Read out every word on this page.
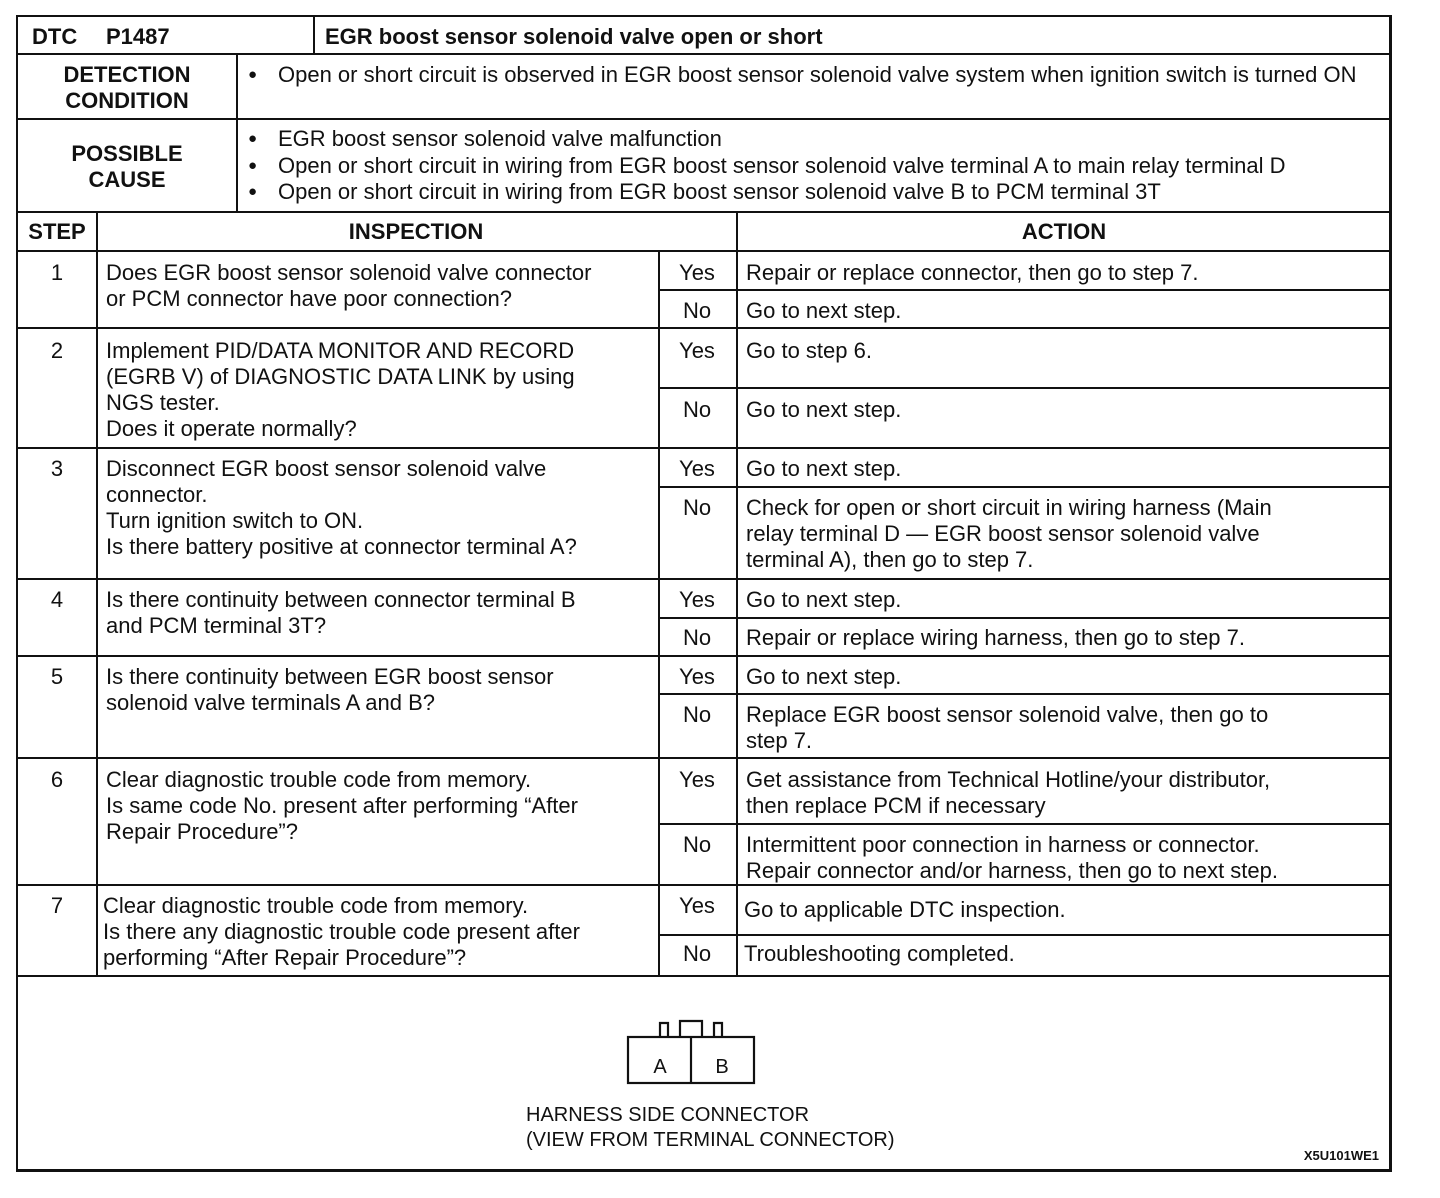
DTC P1487	EGR boost sensor solenoid valve open or short
DETECTION
CONDITION
● Open or short circuit is observed in EGR boost sensor solenoid valve system when ignition switch is turned ON
POSSIBLE
CAUSE
● EGR boost sensor solenoid valve malfunction
● Open or short circuit in wiring from EGR boost sensor solenoid valve terminal A to main relay terminal D
● Open or short circuit in wiring from EGR boost sensor solenoid valve B to PCM terminal 3T
STEP	INSPECTION	ACTION
1	Does EGR boost sensor solenoid valve connector
or PCM connector have poor connection?
Yes	Repair or replace connector, then go to step 7.
No	Go to next step.
2	Implement PID/DATA MONITOR AND RECORD
(EGRB V) of DIAGNOSTIC DATA LINK by using
NGS tester.
Does it operate normally?
Yes	Go to step 6.
No	Go to next step.
3	Disconnect EGR boost sensor solenoid valve
connector.
Turn ignition switch to ON.
Is there battery positive at connector terminal A?
Yes	Go to next step.
No	Check for open or short circuit in wiring harness (Main
relay terminal D — EGR boost sensor solenoid valve
terminal A), then go to step 7.
4	Is there continuity between connector terminal B
and PCM terminal 3T?
Yes	Go to next step.
No	Repair or replace wiring harness, then go to step 7.
5	Is there continuity between EGR boost sensor
solenoid valve terminals A and B?
Yes	Go to next step.
No	Replace EGR boost sensor solenoid valve, then go to
step 7.
6	Clear diagnostic trouble code from memory.
Is same code No. present after performing “After
Repair Procedure”?
Yes	Get assistance from Technical Hotline/your distributor,
then replace PCM if necessary
No	Intermittent poor connection in harness or connector.
Repair connector and/or harness, then go to next step.
7	Clear diagnostic trouble code from memory.
Is there any diagnostic trouble code present after
performing “After Repair Procedure”?
Yes	Go to applicable DTC inspection.
No	Troubleshooting completed.
A B
HARNESS SIDE CONNECTOR
(VIEW FROM TERMINAL CONNECTOR)
X5U101WE1
